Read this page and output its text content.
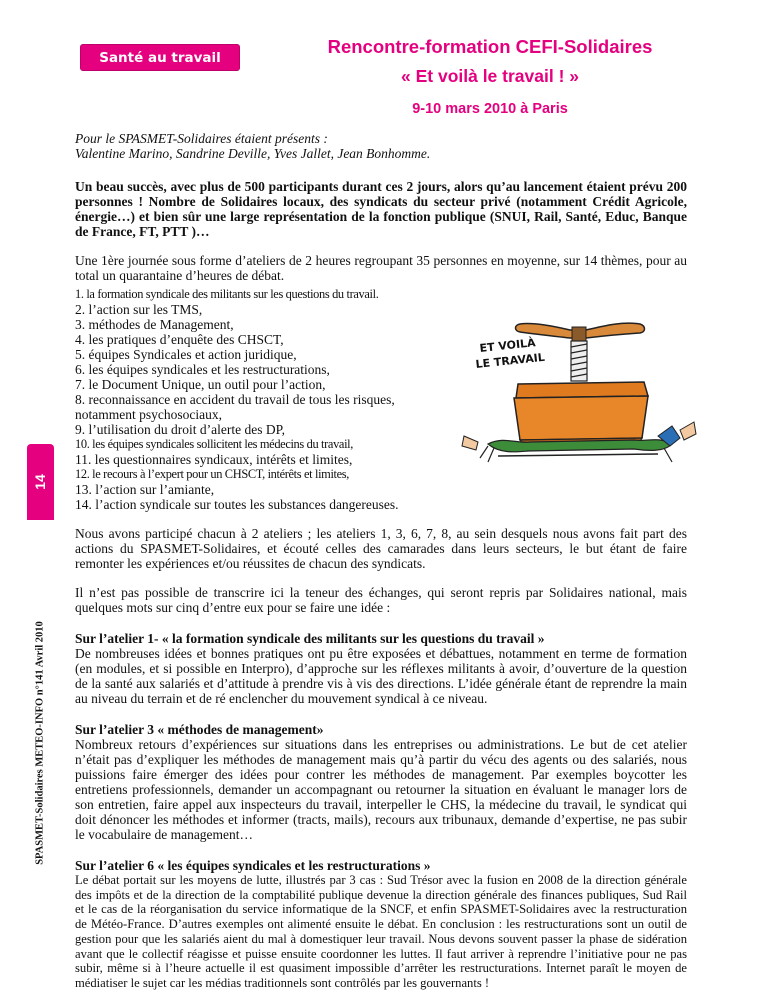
Santé au travail
Rencontre-formation CEFI-Solidaires
« Et voilà le travail ! »
9-10 mars 2010 à Paris
14
SPASMET-Solidaires METEO-INFO n°141 Avril 2010
ET VOILÀ
LE TRAVAIL

Pour le SPASMET-Solidaires étaient présents :

Valentine Marino, Sandrine Deville, Yves Jallet, Jean Bonhomme.

Un beau succès, avec plus de 500 participants durant ces 2 jours, alors qu’au lancement étaient prévu 200 personnes ! Nombre de Solidaires locaux, des syndicats du secteur privé (notamment Crédit Agricole, énergie…) et bien sûr une large représentation de la fonction publique (SNUI, Rail, Santé, Educ, Banque de France, FT, PTT )…

Une 1ère journée sous forme d’ateliers de 2 heures regroupant 35 personnes en moyenne, sur 14 thèmes, pour au total un quarantaine d’heures de débat.

1. la formation syndicale des militants sur les questions du travail.
2. l’action sur les TMS,
3. méthodes de Management,
4. les pratiques d’enquête des CHSCT,
5. équipes Syndicales et action juridique,
6. les équipes syndicales et les restructurations,
7. le Document Unique, un outil pour l’action,
8. reconnaissance en accident du travail de tous les risques, notamment psychosociaux,
9. l’utilisation du droit d’alerte des DP,
10. les équipes syndicales sollicitent les médecins du travail,
11. les questionnaires syndicaux, intérêts et limites,
12. le recours à l’expert pour un CHSCT, intérêts et limites,
13. l’action sur l’amiante,
14. l’action syndicale sur toutes les substances dangereuses.

Nous avons participé chacun à 2 ateliers ; les ateliers 1, 3, 6, 7, 8, au sein desquels nous avons fait part des actions du SPASMET-Solidaires, et écouté celles des camarades dans leurs secteurs, le but étant de faire remonter les expériences et/ou réussites de chacun des syndicats.

Il n’est pas possible de transcrire ici la teneur des échanges, qui seront repris par Solidaires national, mais quelques mots sur cinq d’entre eux pour se faire une idée :

Sur l’atelier 1- « la formation syndicale des militants sur les questions du travail »

De nombreuses idées et bonnes pratiques ont pu être exposées et débattues, notamment en terme de formation (en modules, et si possible en Interpro), d’approche sur les réflexes militants à avoir, d’ouverture de la question de la santé aux salariés et d’attitude à prendre vis à vis des directions. L’idée générale étant de reprendre la main au niveau du terrain et de ré enclencher du mouvement syndical à ce niveau.

Sur l’atelier 3 « méthodes de management»

Nombreux retours d’expériences sur situations dans les entreprises ou administrations. Le but de cet atelier n’était pas d’expliquer les méthodes de management mais qu’à partir du vécu des agents ou des salariés, nous puissions faire émerger des idées pour contrer les méthodes de management. Par exemples boycotter les entretiens professionnels, demander un accompagnant ou retourner la situation en évaluant le manager lors de son entretien, faire appel aux inspecteurs du travail, interpeller le CHS, la médecine du travail, le syndicat qui doit dénoncer les méthodes et informer (tracts, mails), recours aux tribunaux, demande d’expertise, ne pas subir le vocabulaire de management…

Sur l’atelier 6 « les équipes syndicales et les restructurations »

Le débat portait sur les moyens de lutte, illustrés par 3 cas : Sud Trésor avec la fusion en 2008 de la direction générale des impôts et de la direction de la comptabilité publique devenue la direction générale des finances publiques, Sud Rail et le cas de la réorganisation du service informatique de la SNCF, et enfin SPASMET-Solidaires avec la restructuration de Météo-France. D’autres exemples ont alimenté ensuite le débat. En conclusion : les restructurations sont un outil de gestion pour que les salariés aient du mal à domestiquer leur travail. Nous devons souvent passer la phase de sidération avant que le collectif réagisse et puisse ensuite coordonner les luttes. Il faut arriver à reprendre l’initiative pour ne pas subir, même si à l’heure actuelle il est quasiment impossible d’arrêter les restructurations. Internet paraît le moyen de médiatiser le sujet car les médias traditionnels sont contrôlés par les gouvernants !
